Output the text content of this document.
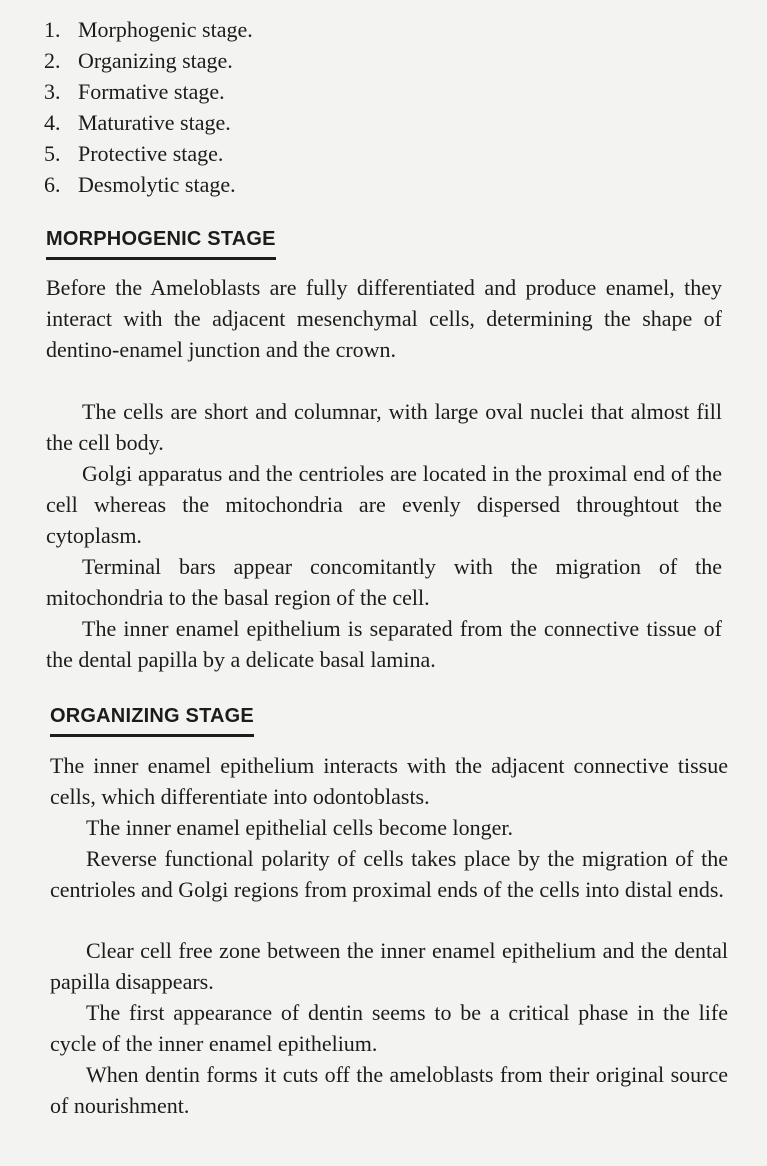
1. Morphogenic stage.
2. Organizing stage.
3. Formative stage.
4. Maturative stage.
5. Protective stage.
6. Desmolytic stage.
MORPHOGENIC STAGE

Before the Ameloblasts are fully differentiated and produce enamel, they interact with the adjacent mesenchymal cells, determining the shape of dentino-enamel junction and the crown.

The cells are short and columnar, with large oval nuclei that almost fill the cell body.

Golgi apparatus and the centrioles are located in the proximal end of the cell whereas the mitochondria are evenly dispersed throughtout the cytoplasm.

Terminal bars appear concomitantly with the migration of the mitochondria to the basal region of the cell.

The inner enamel epithelium is separated from the connective tissue of the dental papilla by a delicate basal lamina.

ORGANIZING STAGE

The inner enamel epithelium interacts with the adjacent connective tissue cells, which differentiate into odontoblasts.

The inner enamel epithelial cells become longer.

Reverse functional polarity of cells takes place by the migration of the centrioles and Golgi regions from proximal ends of the cells into distal ends.

Clear cell free zone between the inner enamel epithelium and the dental papilla disappears.

The first appearance of dentin seems to be a critical phase in the life cycle of the inner enamel epithelium.

When dentin forms it cuts off the ameloblasts from their original source of nourishment.
